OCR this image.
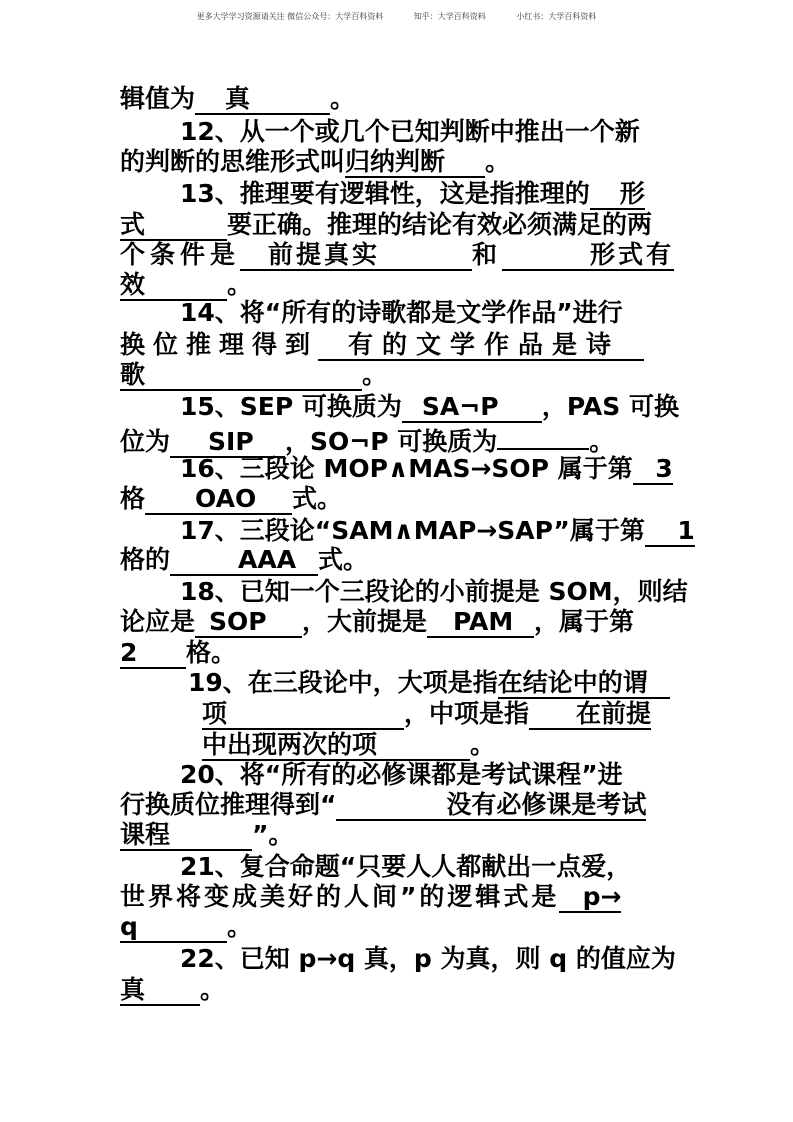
更多大学学习资源请关注 微信公众号：大学百科资料	知乎：大学百科资料	小红书：大学百科资料
辑值为 真	。
12、从一个或几个已知判断中推出一个新
的判断的思维形式叫归纳判断 。
13、推理要有逻辑性，这是指推理的 形
式	要正确。推理的结论有效必须满足的两
个条件是 前提真实	和	形式有
效	。
14、将“所有的诗歌都是文学作品”进行
换位推理得到 有的文学作品是诗
歌	。
15、SEP 可换质为 SA¬P ，PAS 可换
位为 SIP ，SO¬P 可换质为	。
16、三段论 MOP∧MAS→SOP 属于第 3
格 OAO 式。
17、三段论“SAM∧MAP→SAP”属于第 1
格的	AAA 式。
18、已知一个三段论的小前提是 SOM，则结
论应是 SOP ，大前提是 PAM ，属于第
2 格。
19、在三段论中，大项是指在结论中的谓
项	，中项是指 在前提
中出现两次的项	。
20、将“所有的必修课都是考试课程”进
行换质位推理得到“	没有必修课是考试
课程	”。
21、复合命题“只要人人都献出一点爱，
世界将变成美好的人间”的逻辑式是 p→
q	。
22、已知 p→q 真，p 为真，则 q 的值应为
真 。
